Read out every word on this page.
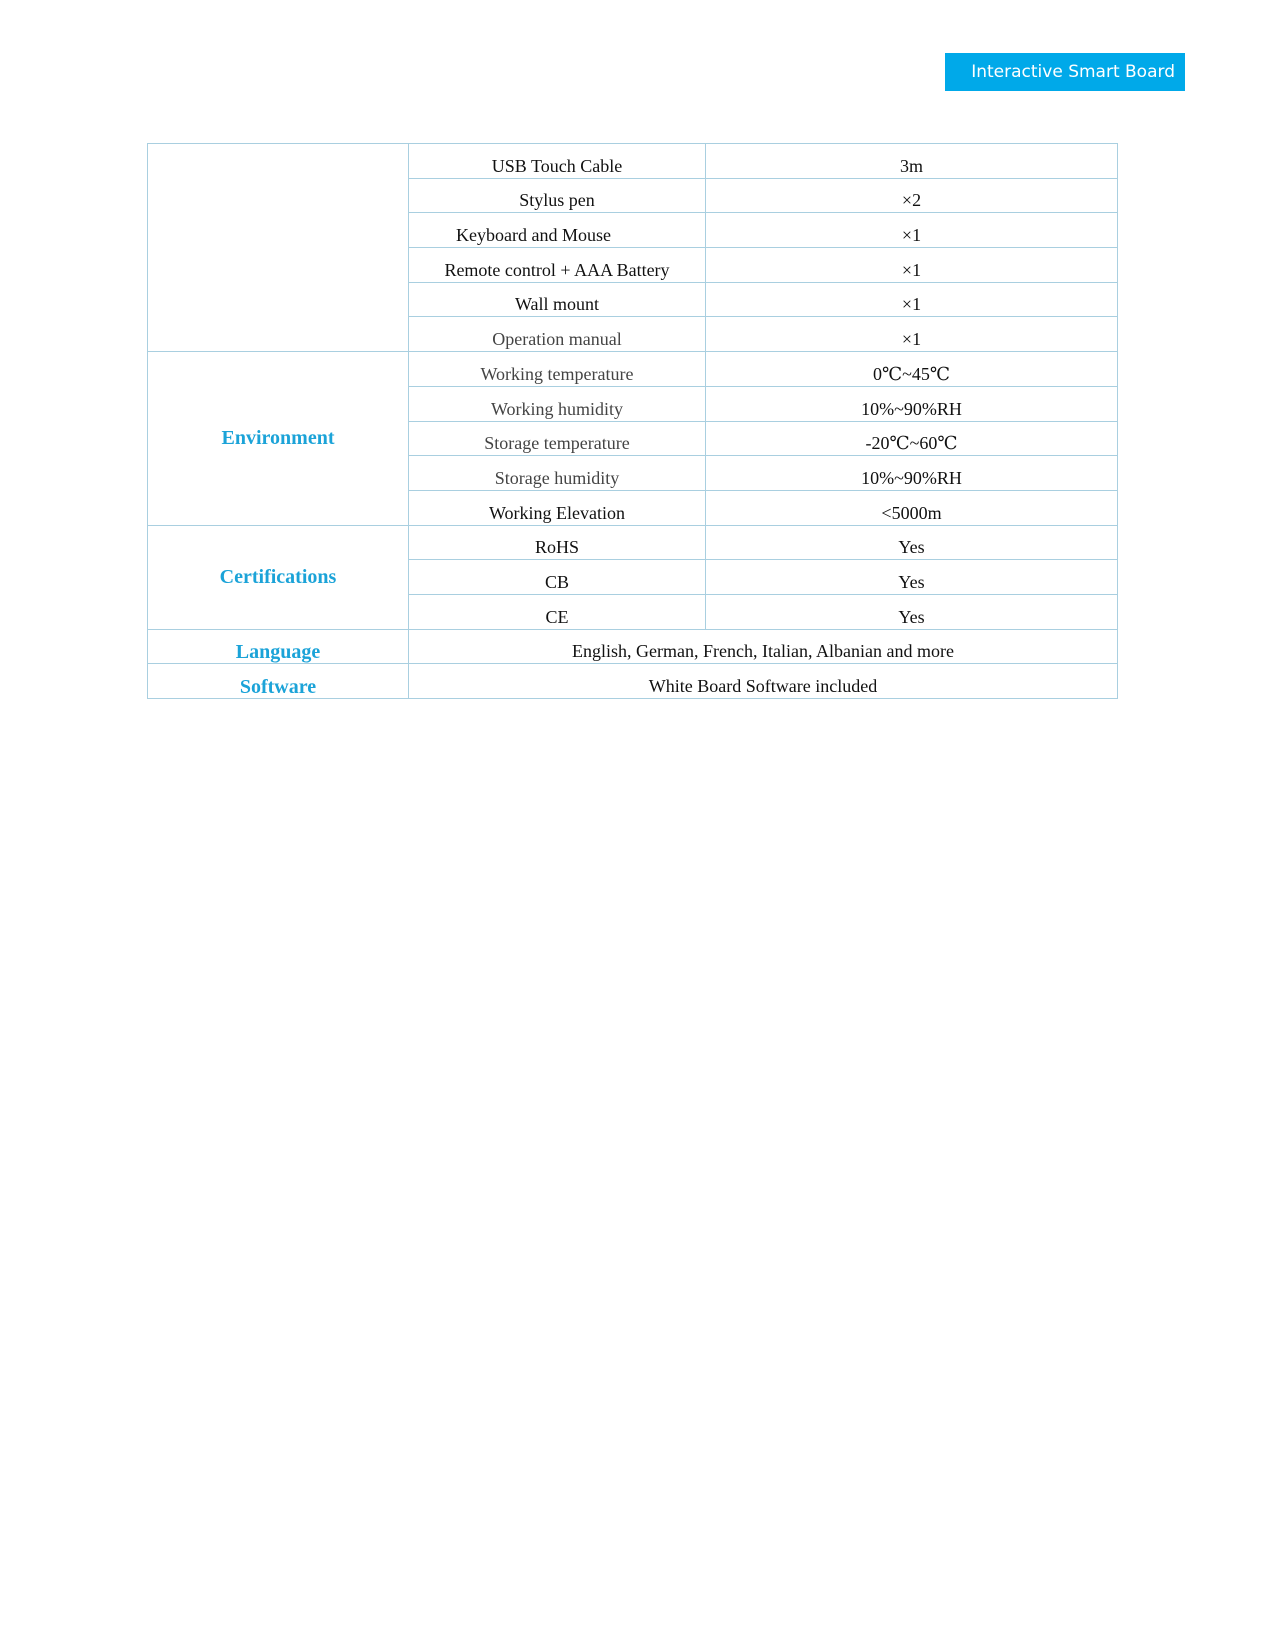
Interactive Smart Board
	USB Touch Cable	3m
	Stylus pen	×2
	Keyboard and Mouse	×1
	Remote control + AAA Battery	×1
	Wall mount	×1
	Operation manual	×1
Environment	Working temperature	0℃~45℃
	Working humidity	10%~90%RH
	Storage temperature	-20℃~60℃
	Storage humidity	10%~90%RH
	Working Elevation	<5000m
Certifications	RoHS	Yes
	CB	Yes
	CE	Yes
Language	English, German, French, Italian, Albanian and more	
Software	White Board Software included	
